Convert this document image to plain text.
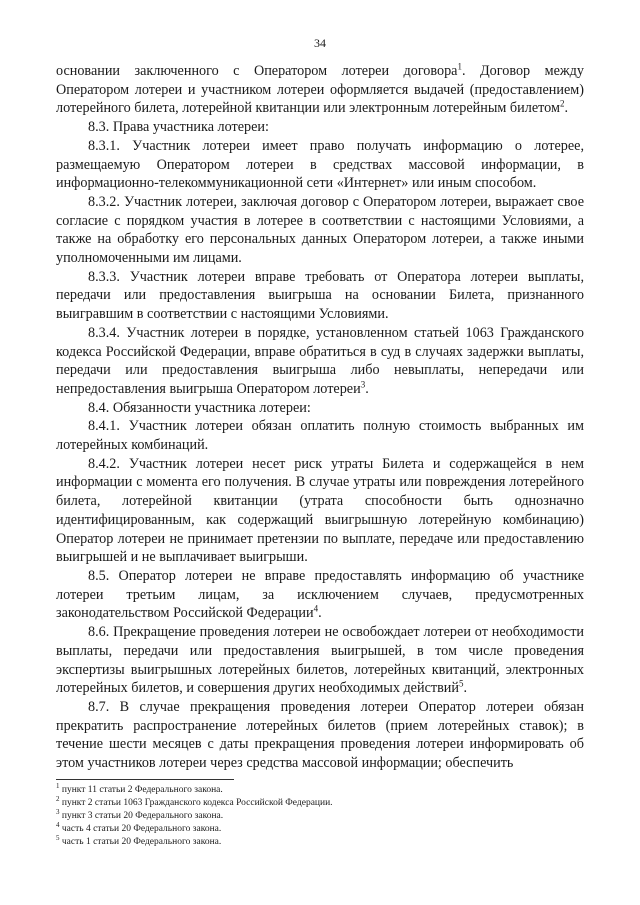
34

основании заключенного с Оператором лотереи договора$^1$. Договор между Оператором лотереи и участником лотереи оформляется выдачей (предоставлением) лотерейного билета, лотерейной квитанции или электронным лотерейным билетом$^2$.

8.3. Права участника лотереи:

8.3.1. Участник лотереи имеет право получать информацию о лотерее, размещаемую Оператором лотереи в средствах массовой информации, в информационно-телекоммуникационной сети «Интернет» или иным способом.

8.3.2. Участник лотереи, заключая договор с Оператором лотереи, выражает свое согласие с порядком участия в лотерее в соответствии с настоящими Условиями, а также на обработку его персональных данных Оператором лотереи, а также иными уполномоченными им лицами.

8.3.3. Участник лотереи вправе требовать от Оператора лотереи выплаты, передачи или предоставления выигрыша на основании Билета, признанного выигравшим в соответствии с настоящими Условиями.

8.3.4. Участник лотереи в порядке, установленном статьей 1063 Гражданского кодекса Российской Федерации, вправе обратиться в суд в случаях задержки выплаты, передачи или предоставления выигрыша либо невыплаты, непередачи или непредоставления выигрыша Оператором лотереи$^3$.

8.4. Обязанности участника лотереи:

8.4.1. Участник лотереи обязан оплатить полную стоимость выбранных им лотерейных комбинаций.

8.4.2. Участник лотереи несет риск утраты Билета и содержащейся в нем информации с момента его получения. В случае утраты или повреждения лотерейного билета, лотерейной квитанции (утрата способности быть однозначно идентифицированным, как содержащий выигрышную лотерейную комбинацию) Оператор лотереи не принимает претензии по выплате, передаче или предоставлению выигрышей и не выплачивает выигрыши.

8.5. Оператор лотереи не вправе предоставлять информацию об участнике лотереи третьим лицам, за исключением случаев, предусмотренных законодательством Российской Федерации$^4$.

8.6. Прекращение проведения лотереи не освобождает лотереи от необходимости выплаты, передачи или предоставления выигрышей, в том числе проведения экспертизы выигрышных лотерейных билетов, лотерейных квитанций, электронных лотерейных билетов, и совершения других необходимых действий$^5$.

8.7. В случае прекращения проведения лотереи Оператор лотереи обязан прекратить распространение лотерейных билетов (прием лотерейных ставок); в течение шести месяцев с даты прекращения проведения лотереи информировать об этом участников лотереи через средства массовой информации; обеспечить

$^1$ пункт 11 статьи 2 Федерального закона.
$^2$ пункт 2 статьи 1063 Гражданского кодекса Российской Федерации.
$^3$ пункт 3 статьи 20 Федерального закона.
$^4$ часть 4 статьи 20 Федерального закона.
$^5$ часть 1 статьи 20 Федерального закона.
